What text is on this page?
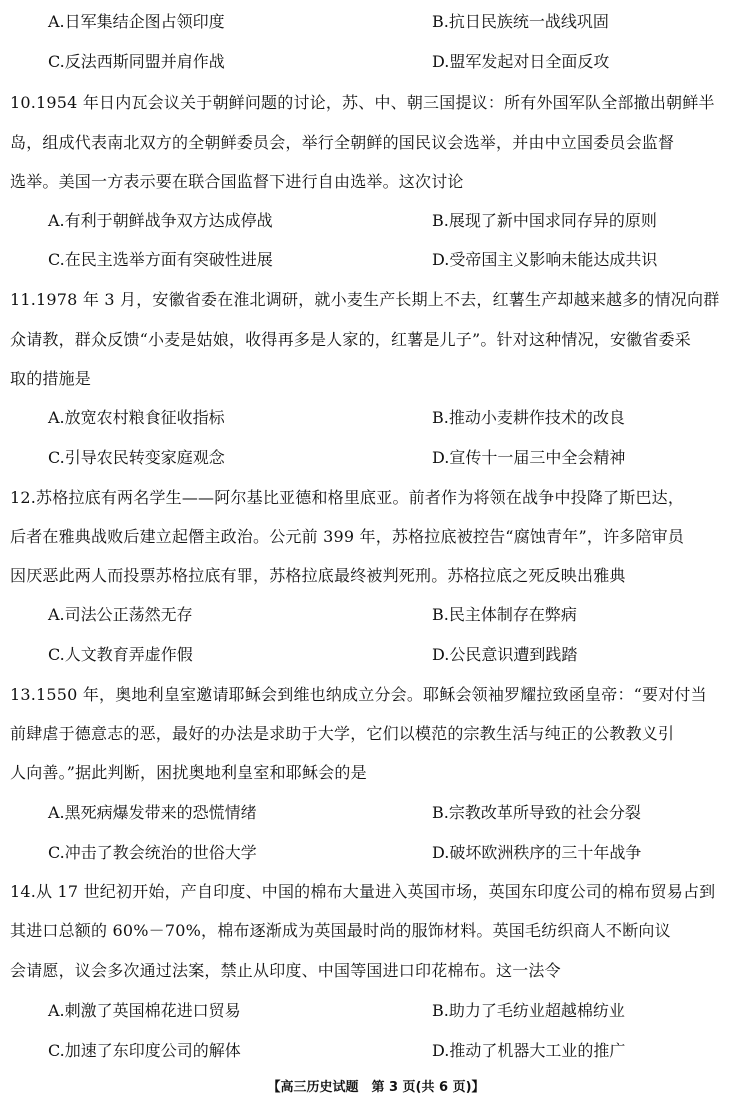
A.日军集结企图占领印度	B.抗日民族统一战线巩固
C.反法西斯同盟并肩作战	D.盟军发起对日全面反攻
10.1954 年日内瓦会议关于朝鲜问题的讨论，苏、中、朝三国提议：所有外国军队全部撤出朝鲜半
岛，组成代表南北双方的全朝鲜委员会，举行全朝鲜的国民议会选举，并由中立国委员会监督
选举。美国一方表示要在联合国监督下进行自由选举。这次讨论
A.有利于朝鲜战争双方达成停战	B.展现了新中国求同存异的原则
C.在民主选举方面有突破性进展	D.受帝国主义影响未能达成共识
11.1978 年 3 月，安徽省委在淮北调研，就小麦生产长期上不去，红薯生产却越来越多的情况向群
众请教，群众反馈“小麦是姑娘，收得再多是人家的，红薯是儿子”。针对这种情况，安徽省委采
取的措施是
A.放宽农村粮食征收指标	B.推动小麦耕作技术的改良
C.引导农民转变家庭观念	D.宣传十一届三中全会精神
12.苏格拉底有两名学生——阿尔基比亚德和格里底亚。前者作为将领在战争中投降了斯巴达，
后者在雅典战败后建立起僭主政治。公元前 399 年，苏格拉底被控告“腐蚀青年”，许多陪审员
因厌恶此两人而投票苏格拉底有罪，苏格拉底最终被判死刑。苏格拉底之死反映出雅典
A.司法公正荡然无存	B.民主体制存在弊病
C.人文教育弄虚作假	D.公民意识遭到践踏
13.1550 年，奥地利皇室邀请耶稣会到维也纳成立分会。耶稣会领袖罗耀拉致函皇帝：“要对付当
前肆虐于德意志的恶，最好的办法是求助于大学，它们以模范的宗教生活与纯正的公教教义引
人向善。”据此判断，困扰奥地利皇室和耶稣会的是
A.黑死病爆发带来的恐慌情绪	B.宗教改革所导致的社会分裂
C.冲击了教会统治的世俗大学	D.破坏欧洲秩序的三十年战争
14.从 17 世纪初开始，产自印度、中国的棉布大量进入英国市场，英国东印度公司的棉布贸易占到
其进口总额的 60%－70%，棉布逐渐成为英国最时尚的服饰材料。英国毛纺织商人不断向议
会请愿，议会多次通过法案，禁止从印度、中国等国进口印花棉布。这一法令
A.刺激了英国棉花进口贸易	B.助力了毛纺业超越棉纺业
C.加速了东印度公司的解体	D.推动了机器大工业的推广
【高三历史试题　第 3 页(共 6 页)】
